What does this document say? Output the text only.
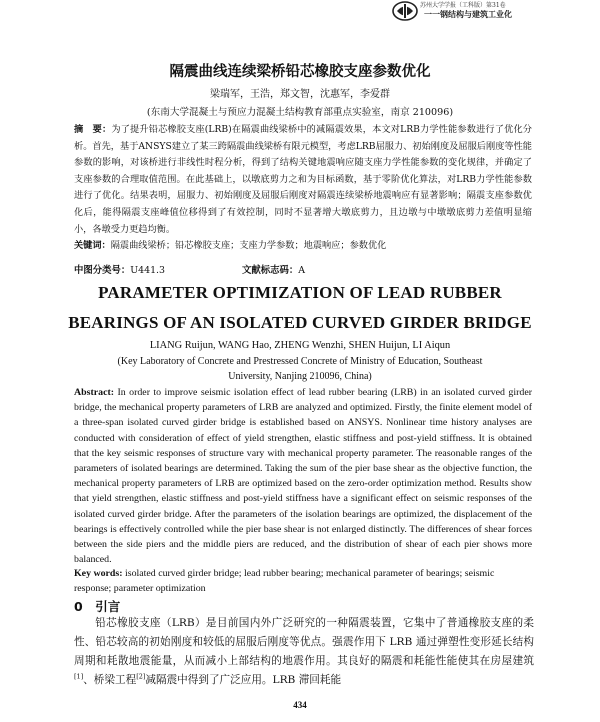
苏州大学学报（工科版）第31卷
一一钢结构与建筑工业化
隔震曲线连续梁桥铅芯橡胶支座参数优化
梁瑞军，王浩，郑文智，沈惠军，李爱群
(东南大学混凝土与预应力混凝土结构教育部重点实验室，南京 210096)

摘　要：为了提升铅芯橡胶支座(LRB)在隔震曲线梁桥中的减隔震效果，本文对LRB力学性能参数进行了优化分析。首先，基于ANSYS建立了某三跨隔震曲线梁桥有限元模型，考虑LRB屈服力、初始刚度及屈服后刚度等性能参数的影响，对该桥进行非线性时程分析，得到了结构关键地震响应随支座力学性能参数的变化规律，并确定了支座参数的合理取值范围。在此基础上，以墩底剪力之和为目标函数，基于零阶优化算法，对LRB力学性能参数进行了优化。结果表明，屈服力、初始刚度及屈服后刚度对隔震连续梁桥地震响应有显著影响；隔震支座参数优化后，能得隔震支座峰值位移得到了有效控制，同时不显著增大墩底剪力，且边墩与中墩墩底剪力差值明显缩小，各墩受力更趋均衡。
关键词：隔震曲线梁桥；铅芯橡胶支座；支座力学参数；地震响应；参数优化

中图分类号：U441.3	文献标志码：A
PARAMETER OPTIMIZATION OF LEAD RUBBER
BEARINGS OF AN ISOLATED CURVED GIRDER BRIDGE
LIANG Ruijun, WANG Hao, ZHENG Wenzhi, SHEN Huijun, LI Aiqun
(Key Laboratory of Concrete and Prestressed Concrete of Ministry of Education, Southeast University, Nanjing 210096, China)

Abstract: In order to improve seismic isolation effect of lead rubber bearing (LRB) in an isolated curved girder bridge, the mechanical property parameters of LRB are analyzed and optimized. Firstly, the finite element model of a three-span isolated curved girder bridge is established based on ANSYS. Nonlinear time history analyses are conducted with consideration of effect of yield strengthen, elastic stiffness and post-yield stiffness. It is obtained that the key seismic responses of structure vary with mechanical property parameter. The reasonable ranges of the parameters of isolated bearings are determined. Taking the sum of the pier base shear as the objective function, the mechanical property parameters of LRB are optimized based on the zero-order optimization method. Results show that yield strengthen, elastic stiffness and post-yield stiffness have a significant effect on seismic responses of the isolated curved girder bridge. After the parameters of the isolation bearings are optimized, the displacement of the bearings is effectively controlled while the pier base shear is not enlarged distinctly. The differences of shear forces between the side piers and the middle piers are reduced, and the distribution of shear of each pier shows more balanced.

Key words: isolated curved girder bridge; lead rubber bearing; mechanical parameter of bearings; seismic response; parameter optimization

0　引言

铅芯橡胶支座（LRB）是目前国内外广泛研究的一种隔震装置，它集中了普通橡胶支座的柔性、铅芯较高的初始刚度和较低的屈服后刚度等优点。强震作用下 LRB 通过弹塑性变形延长结构周期和耗散地震能量，从而减小上部结构的地震作用。其良好的隔震和耗能性能使其在房屋建筑[1]、桥梁工程[2]减隔震中得到了广泛应用。LRB 滞回耗能

434
